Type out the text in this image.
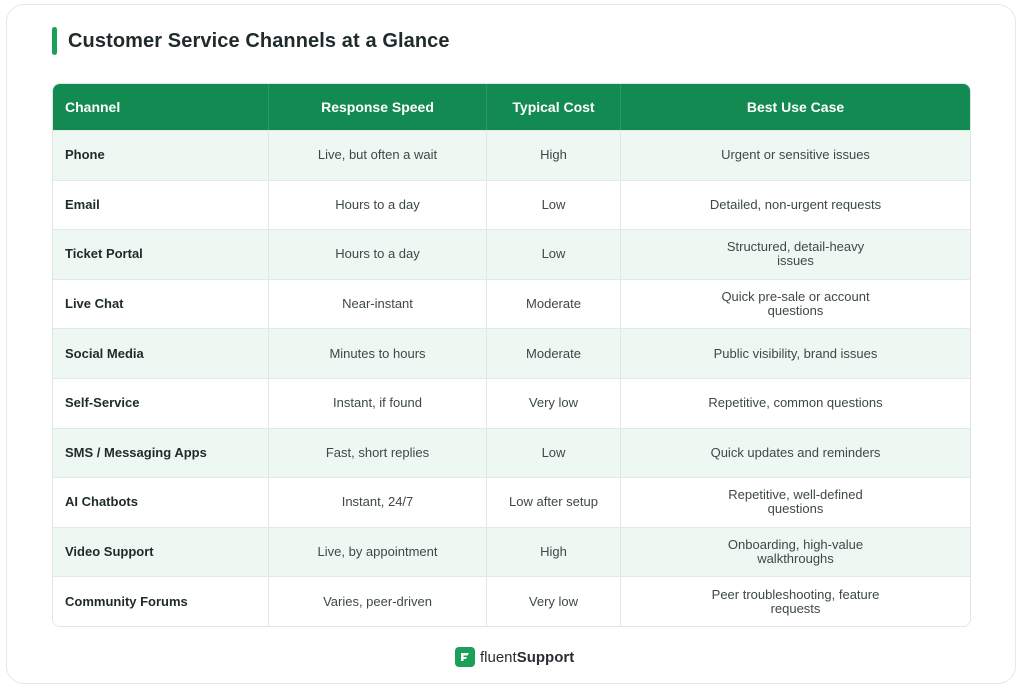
Customer Service Channels at a Glance
Channel	Response Speed	Typical Cost	Best Use Case
Phone	Live, but often a wait	High	Urgent or sensitive issues
Email	Hours to a day	Low	Detailed, non-urgent requests
Ticket Portal	Hours to a day	Low	Structured, detail-heavy issues
Live Chat	Near-instant	Moderate	Quick pre-sale or account questions
Social Media	Minutes to hours	Moderate	Public visibility, brand issues
Self-Service	Instant, if found	Very low	Repetitive, common questions
SMS / Messaging Apps	Fast, short replies	Low	Quick updates and reminders
AI Chatbots	Instant, 24/7	Low after setup	Repetitive, well-defined questions
Video Support	Live, by appointment	High	Onboarding, high-value walkthroughs
Community Forums	Varies, peer-driven	Very low	Peer troubleshooting, feature requests
fluent Support
